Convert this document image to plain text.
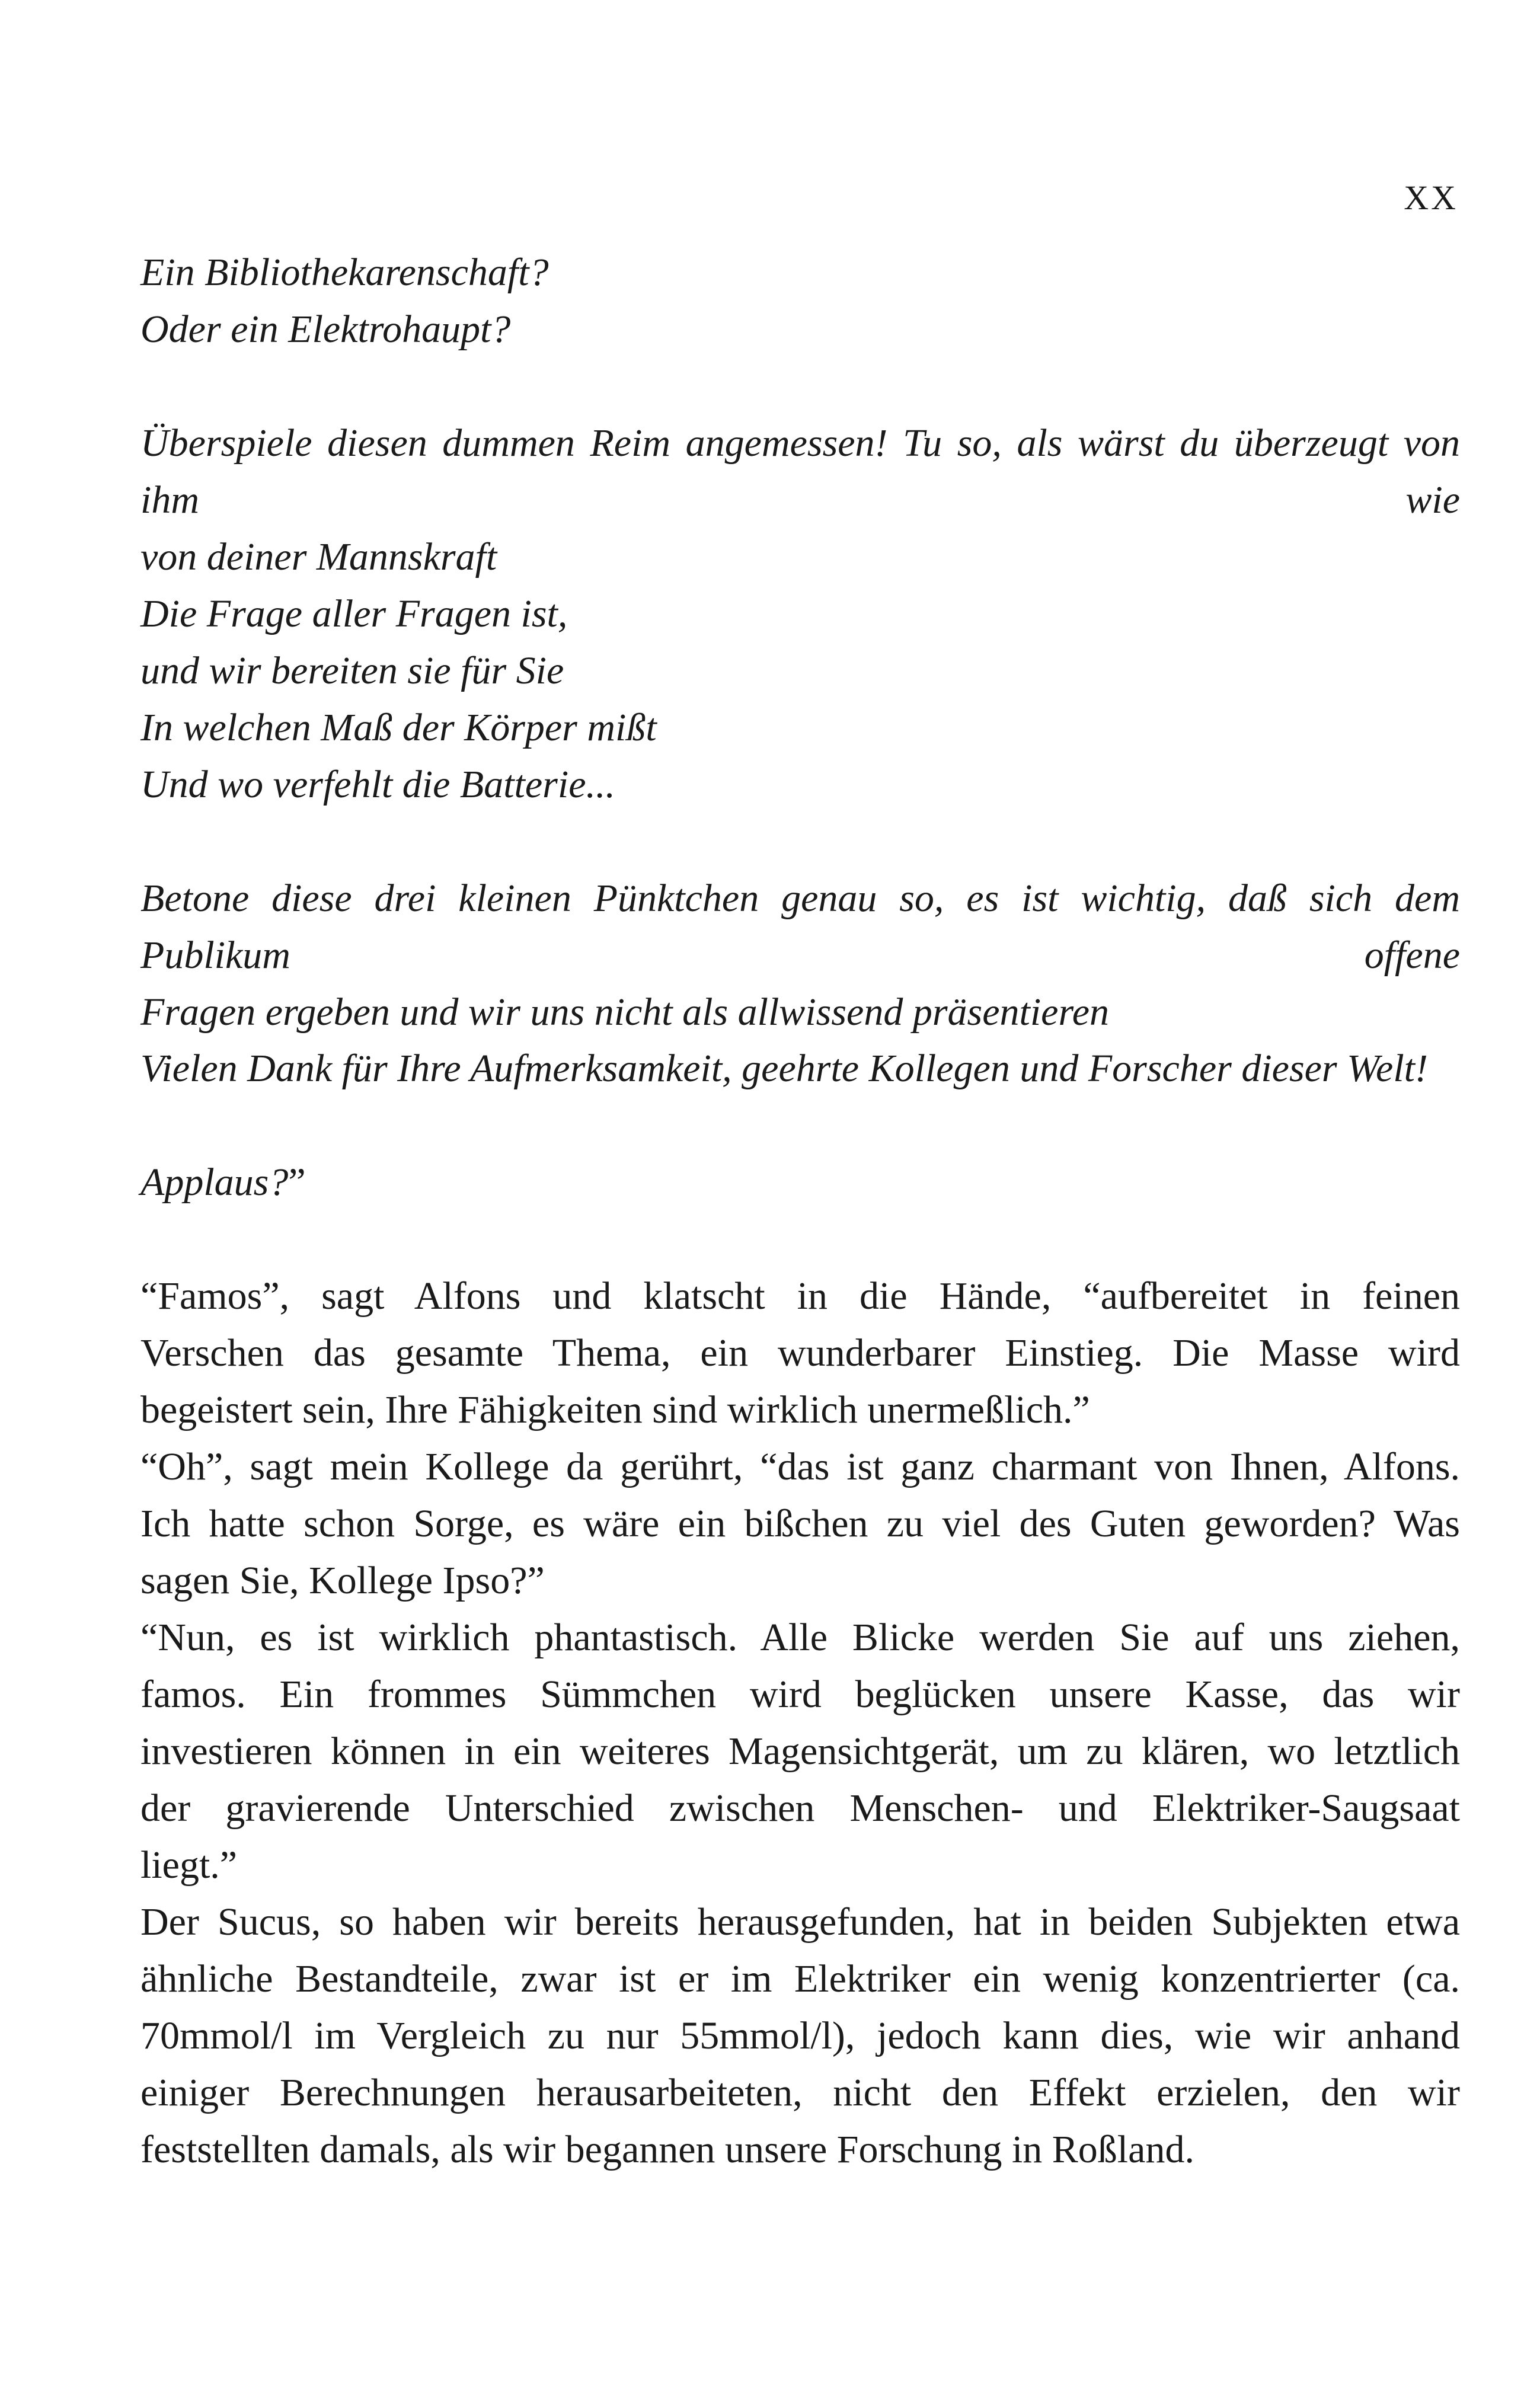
XX
Ein Bibliothekarenschaft?
Oder ein Elektrohaupt?
Überspiele diesen dummen Reim angemessen! Tu so, als wärst du überzeugt von ihm wie
von deiner Mannskraft
Die Frage aller Fragen ist,
und wir bereiten sie für Sie
In welchen Maß der Körper mißt
Und wo verfehlt die Batterie...
Betone diese drei kleinen Pünktchen genau so, es ist wichtig, daß sich dem Publikum offene
Fragen ergeben und wir uns nicht als allwissend präsentieren
Vielen Dank für Ihre Aufmerksamkeit, geehrte Kollegen und Forscher dieser Welt!
Applaus?”
“Famos”, sagt Alfons und klatscht in die Hände, “aufbereitet in feinen
Verschen das gesamte Thema, ein wunderbarer Einstieg. Die Masse wird
begeistert sein, Ihre Fähigkeiten sind wirklich unermeßlich.”
“Oh”, sagt mein Kollege da gerührt, “das ist ganz charmant von Ihnen, Alfons.
Ich hatte schon Sorge, es wäre ein bißchen zu viel des Guten geworden? Was
sagen Sie, Kollege Ipso?”
“Nun, es ist wirklich phantastisch. Alle Blicke werden Sie auf uns ziehen,
famos. Ein frommes Sümmchen wird beglücken unsere Kasse, das wir
investieren können in ein weiteres Magensichtgerät, um zu klären, wo letztlich
der gravierende Unterschied zwischen Menschen- und Elektriker-Saugsaat
liegt.”
Der Sucus, so haben wir bereits herausgefunden, hat in beiden Subjekten etwa
ähnliche Bestandteile, zwar ist er im Elektriker ein wenig konzentrierter (ca.
70mmol/l im Vergleich zu nur 55mmol/l), jedoch kann dies, wie wir anhand
einiger Berechnungen herausarbeiteten, nicht den Effekt erzielen, den wir
feststellten damals, als wir begannen unsere Forschung in Roßland.
